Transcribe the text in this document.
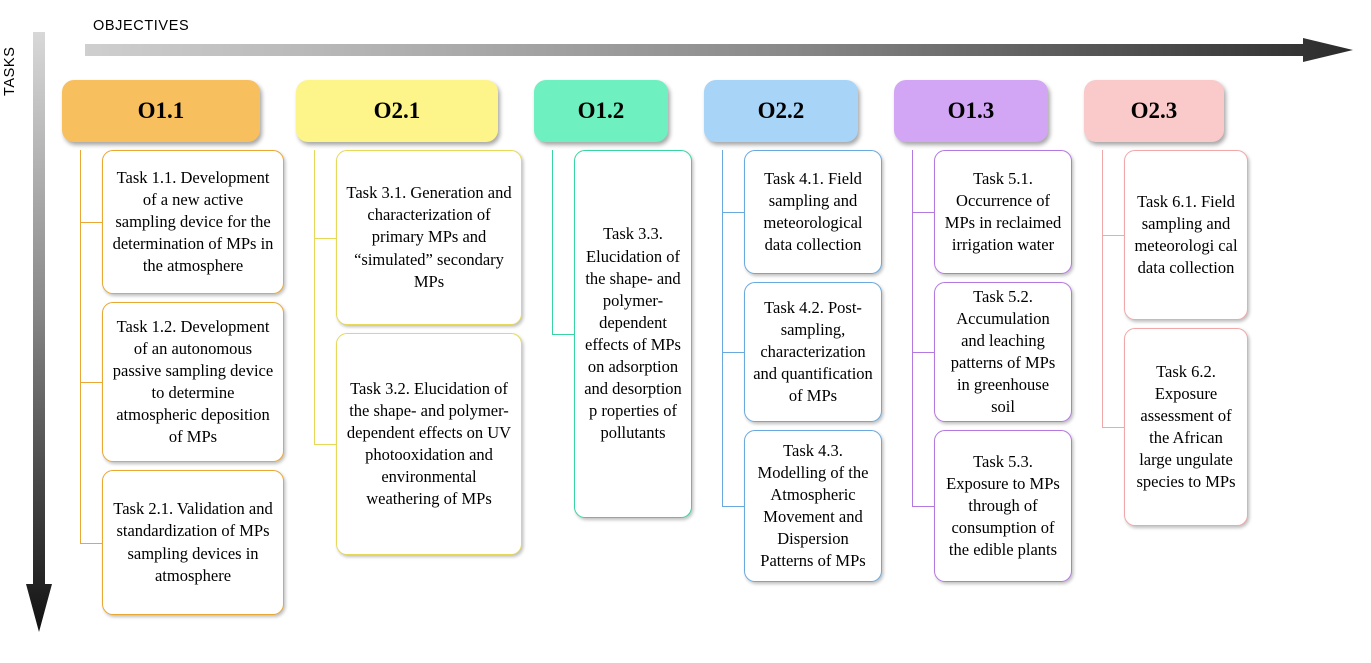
OBJECTIVES
TASKS
O1.1
Task 1.1. Development of a new active sampling device for the determination of MPs in the atmosphere
Task 1.2. Development of an autonomous passive sampling device to determine atmospheric deposition of MPs
Task 2.1. Validation and standardization of MPs sampling devices in atmosphere
O2.1
Task 3.1. Generation and characterization of primary MPs and “simulated” secondary MPs
Task 3.2. Elucidation of the shape- and polymer-dependent effects on UV photooxidation and environmental weathering of MPs
O1.2
Task 3.3. Elucidation of the shape- and polymer-dependent effects of MPs on adsorption and desorption p roperties of pollutants
O2.2
Task 4.1. Field sampling and meteorological data collection
Task 4.2. Post-sampling, characterization and quantification of MPs
Task 4.3. Modelling of the Atmospheric Movement and Dispersion Patterns of MPs
O1.3
Task 5.1. Occurrence of MPs in reclaimed irrigation water
Task 5.2. Accumulation and leaching patterns of MPs in greenhouse soil
Task 5.3. Exposure to MPs through of consumption of the edible plants
O2.3
Task 6.1. Field sampling and meteorologi cal data collection
Task 6.2. Exposure assessment of the African large ungulate species to MPs
